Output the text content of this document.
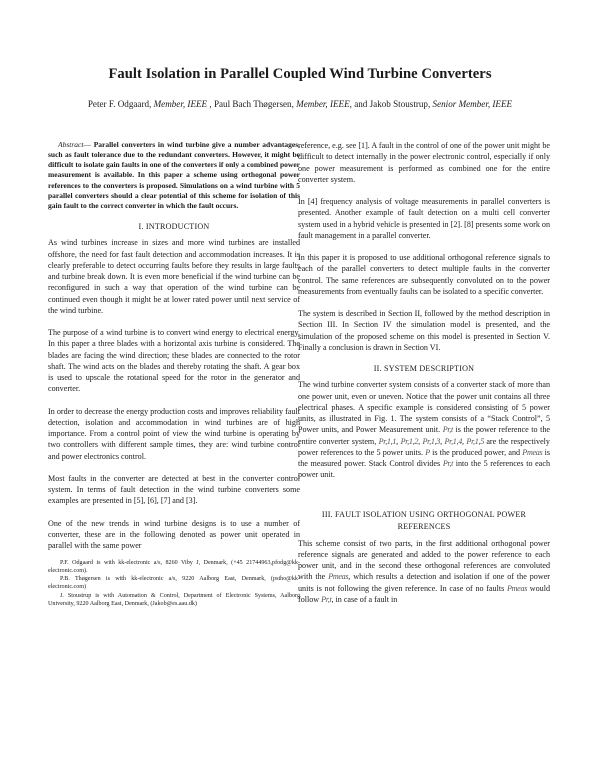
Fault Isolation in Parallel Coupled Wind Turbine Converters
Peter F. Odgaard, Member, IEEE , Paul Bach Thøgersen, Member, IEEE, and Jakob Stoustrup, Senior Member, IEEE

Abstract— Parallel converters in wind turbine give a number advantages, such as fault tolerance due to the redundant converters. However, it might be difficult to isolate gain faults in one of the converters if only a combined power measurement is available. In this paper a scheme using orthogonal power references to the converters is proposed. Simulations on a wind turbine with 5 parallel converters should a clear potential of this scheme for isolation of this gain fault to the correct converter in which the fault occurs.

I. INTRODUCTION

As wind turbines increase in sizes and more wind turbines are installed offshore, the need for fast fault detection and accommodation increases. It is clearly preferable to detect occurring faults before they results in large faults and turbine break down. It is even more beneficial if the wind turbine can be reconfigured in such a way that operation of the wind turbine can be continued even though it might be at lower rated power until next service of the wind turbine.

The purpose of a wind turbine is to convert wind energy to electrical energy. In this paper a three blades with a horizontal axis turbine is considered. The blades are facing the wind direction; these blades are connected to the rotor shaft. The wind acts on the blades and thereby rotating the shaft. A gear box is used to upscale the rotational speed for the rotor in the generator and converter.

In order to decrease the energy production costs and improves reliability fault detection, isolation and accommodation in wind turbines are of high importance. From a control point of view the wind turbine is operating by two controllers with different sample times, they are: wind turbine control and power electronics control.

Most faults in the converter are detected at best in the converter control system. In terms of fault detection in the wind turbine converters some examples are presented in [5], [6], [7] and [3].

One of the new trends in wind turbine designs is to use a number of converter, these are in the following denoted as power unit operated in parallel with the same power

P.F. Odgaard is with kk-electronic a/s, 8260 Viby J, Denmark, (+45 21744963,pfodg@kk-electronic.com).

P.B. Thøgersen is with kk-electronic a/s, 9220 Aalborg East, Denmark, (pstho@kk-electronic.com)

J. Stoustrup is with Automation & Control, Department of Electronic Systems, Aalborg University, 9220 Aalborg East, Denmark, (Jakob@es.aau.dk)

reference, e.g. see [1]. A fault in the control of one of the power unit might be difficult to detect internally in the power electronic control, especially if only one power measurement is performed as combined one for the entire converter system.

In [4] frequency analysis of voltage measurements in parallel converters is presented. Another example of fault detection on a multi cell converter system used in a hybrid vehicle is presented in [2]. [8] presents some work on fault management in a parallel converter.

In this paper it is proposed to use additional orthogonal reference signals to each of the parallel converters to detect multiple faults in the converter control. The same references are subsequently convoluted on to the power measurements from eventually faults can be isolated to a specific converter.

The system is described in Section II, followed by the method description in Section III. In Section IV the simulation model is presented, and the simulation of the proposed scheme on this model is presented in Section V. Finally a conclusion is drawn in Section VI.

II. SYSTEM DESCRIPTION

The wind turbine converter system consists of a converter stack of more than one power unit, even or uneven. Notice that the power unit contains all three electrical phases. A specific example is considered consisting of 5 power units, as illustrated in Fig. 1. The system consists of a “Stack Control”, 5 Power units, and Power Measurement unit. Pr,t is the power reference to the entire converter system, Pr,1,1, Pr,1,2, Pr,1,3, Pr,1,4, Pr,1,5 are the respectively power references to the 5 power units. P is the produced power, and Pmeas is the measured power. Stack Control divides Pr,t into the 5 references to each power unit.

III. FAULT ISOLATION USING ORTHOGONAL POWER REFERENCES

This scheme consist of two parts, in the first additional orthogonal power reference signals are generated and added to the power reference to each power unit, and in the second these orthogonal references are convoluted with the Pmeas, which results a detection and isolation if one of the power units is not following the given reference. In case of no faults Pmeas would follow Pr,t, in case of a fault in
